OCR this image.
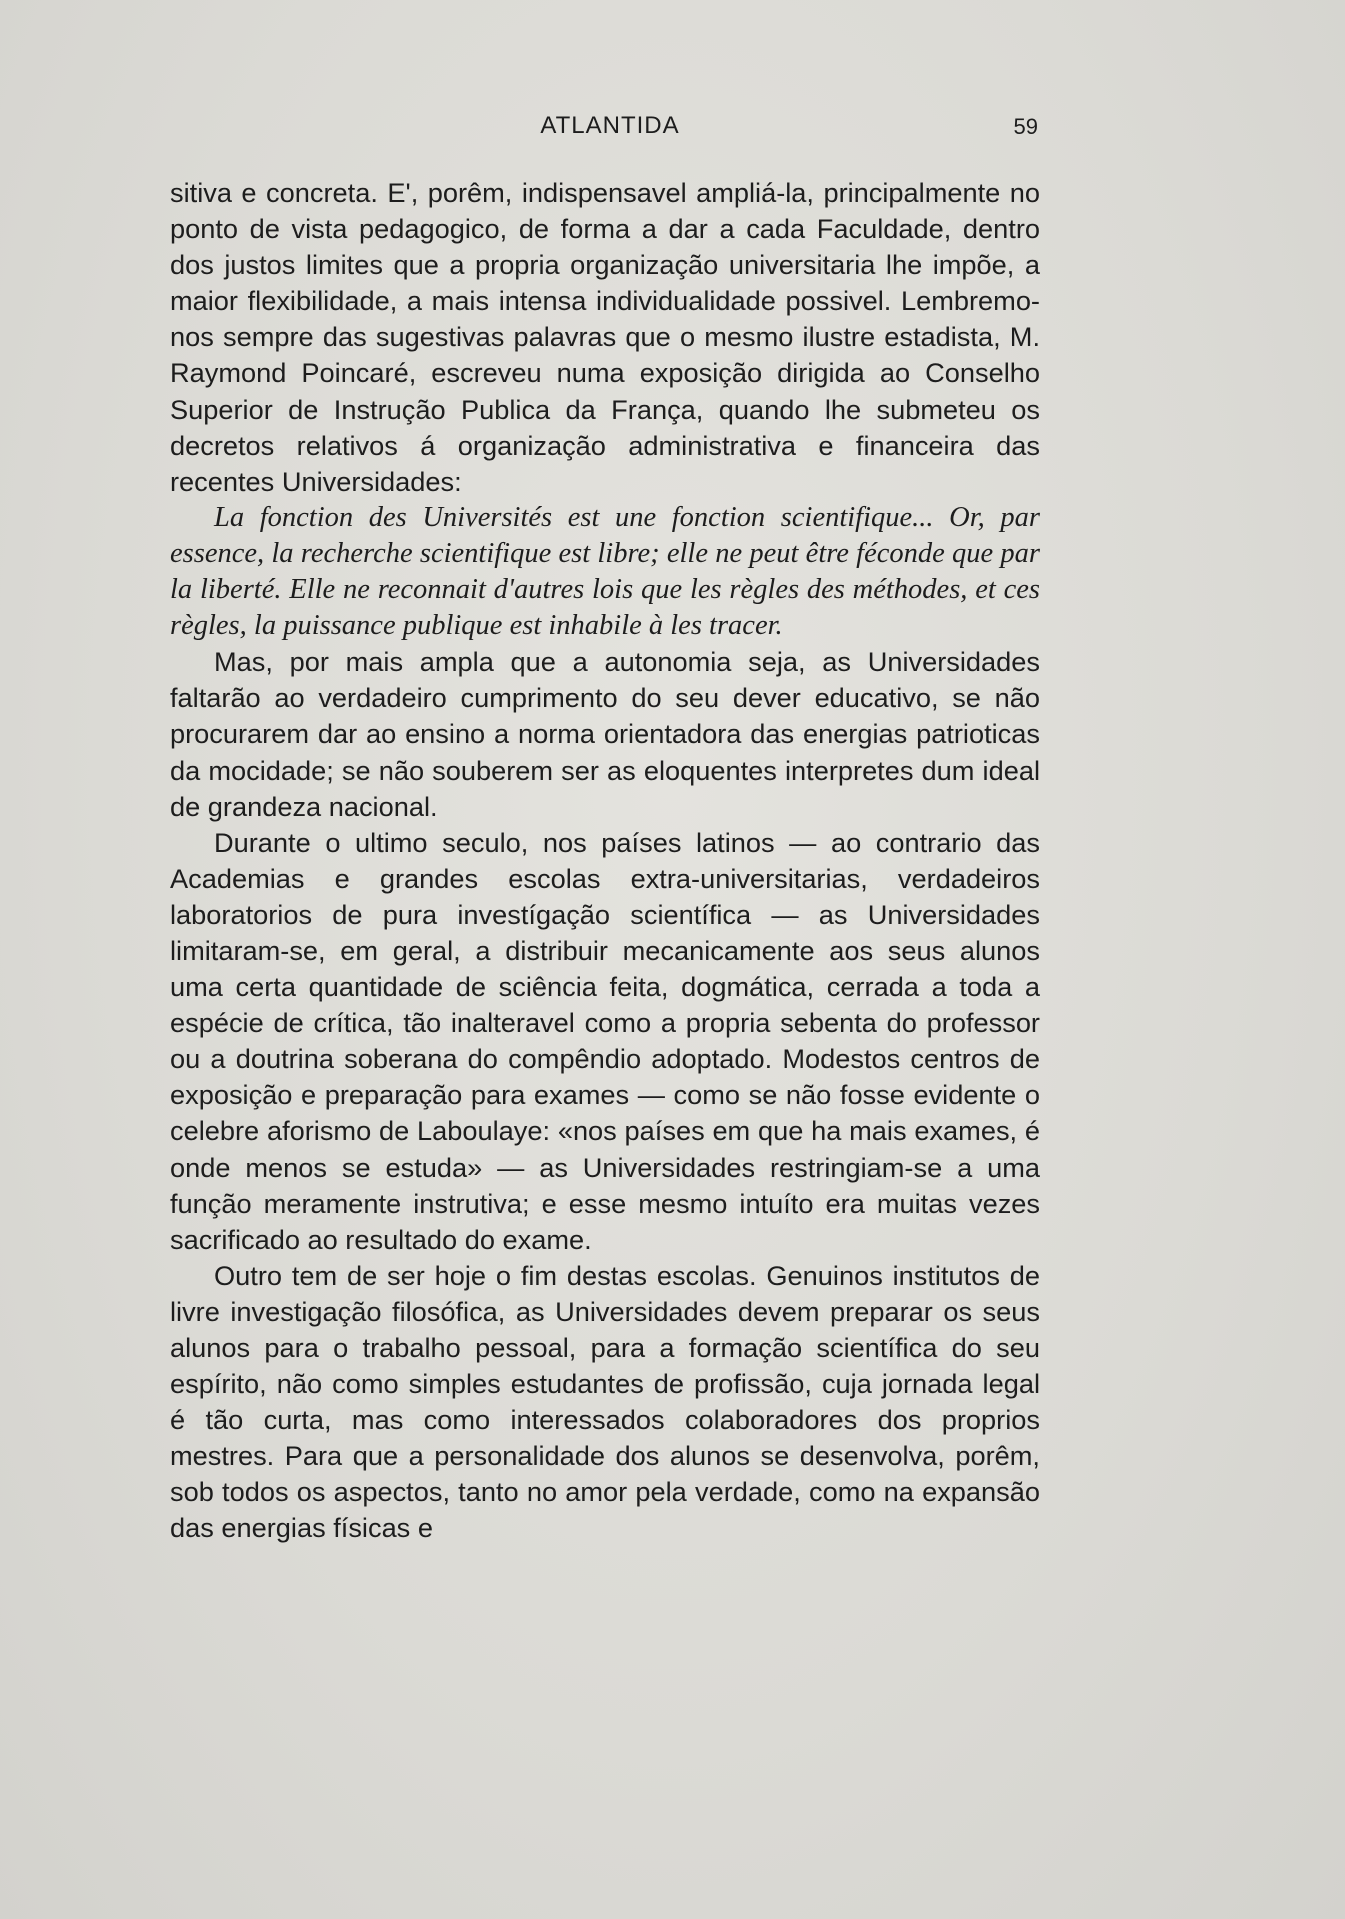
ATLANTIDA	59

sitiva e concreta. E', porêm, indispensavel ampliá-la, principalmente no ponto de vista pedagogico, de forma a dar a cada Faculdade, dentro dos justos limites que a propria organização universitaria lhe impõe, a maior flexibilidade, a mais intensa individualidade possivel. Lembremo-nos sempre das sugestivas palavras que o mesmo ilustre estadista, M. Raymond Poincaré, escreveu numa exposição dirigida ao Conselho Superior de Instrução Publica da França, quando lhe submeteu os decretos relativos á organização administrativa e financeira das recentes Universidades:

La fonction des Universités est une fonction scientifique... Or, par essence, la recherche scientifique est libre; elle ne peut être féconde que par la liberté. Elle ne reconnait d'autres lois que les règles des méthodes, et ces règles, la puissance publique est inhabile à les tracer.

Mas, por mais ampla que a autonomia seja, as Universidades faltarão ao verdadeiro cumprimento do seu dever educativo, se não procurarem dar ao ensino a norma orientadora das energias patrioticas da mocidade; se não souberem ser as eloquentes interpretes dum ideal de grandeza nacional.

Durante o ultimo seculo, nos países latinos — ao contrario das Academias e grandes escolas extra-universitarias, verdadeiros laboratorios de pura investígação scientífica — as Universidades limitaram-se, em geral, a distribuir mecanicamente aos seus alunos uma certa quantidade de sciência feita, dogmática, cerrada a toda a espécie de crítica, tão inalteravel como a propria sebenta do professor ou a doutrina soberana do compêndio adoptado. Modestos centros de exposição e preparação para exames — como se não fosse evidente o celebre aforismo de Laboulaye: «nos países em que ha mais exames, é onde menos se estuda» — as Universidades restringiam-se a uma função meramente instrutiva; e esse mesmo intuíto era muitas vezes sacrificado ao resultado do exame.

Outro tem de ser hoje o fim destas escolas. Genuinos institutos de livre investigação filosófica, as Universidades devem preparar os seus alunos para o trabalho pessoal, para a formação scientífica do seu espírito, não como simples estudantes de profissão, cuja jornada legal é tão curta, mas como interessados colaboradores dos proprios mestres. Para que a personalidade dos alunos se desenvolva, porêm, sob todos os aspectos, tanto no amor pela verdade, como na expansão das energias físicas e
